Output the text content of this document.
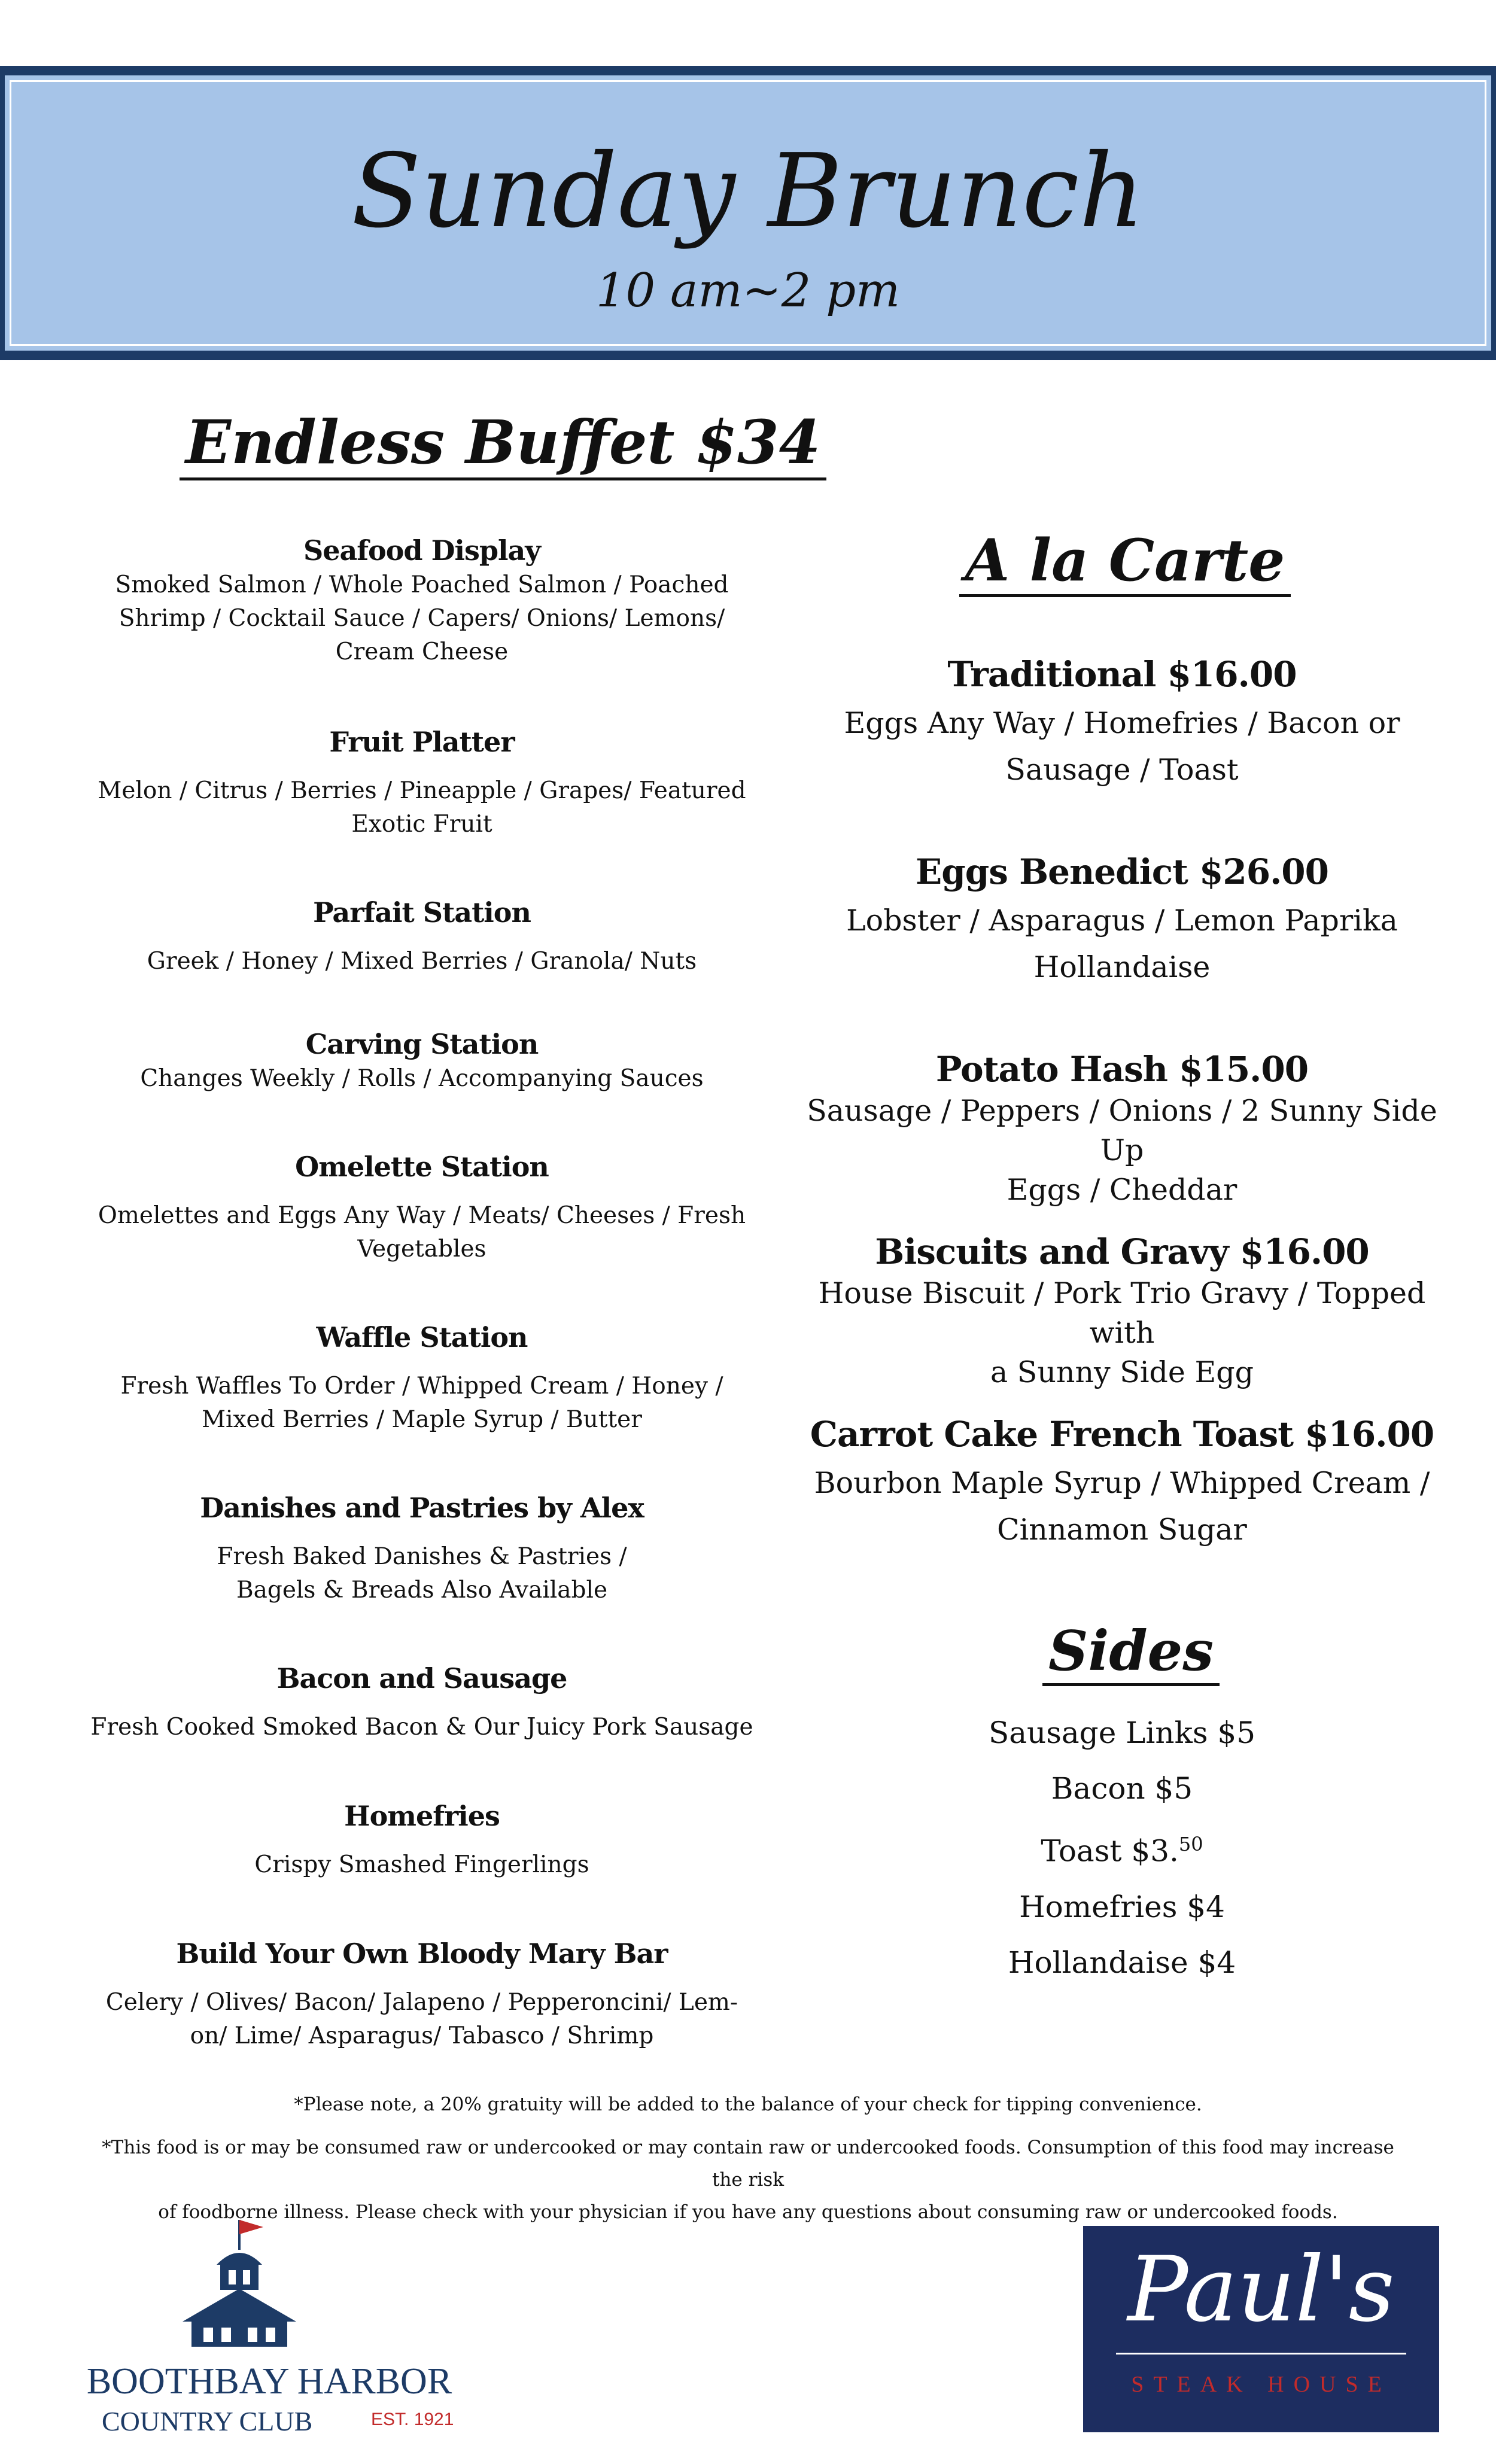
Sunday Brunch
10 am~2 pm
Endless Buffet $34
Seafood Display
Smoked Salmon / Whole Poached Salmon / Poached
Shrimp / Cocktail Sauce / Capers/ Onions/ Lemons/
Cream Cheese
Fruit Platter
Melon / Citrus / Berries / Pineapple / Grapes/ Featured
Exotic Fruit
Parfait Station
Greek / Honey / Mixed Berries / Granola/ Nuts
Carving Station
Changes Weekly / Rolls / Accompanying Sauces
Omelette Station
Omelettes and Eggs Any Way / Meats/ Cheeses / Fresh
Vegetables
Waffle Station
Fresh Waffles To Order / Whipped Cream / Honey /
Mixed Berries / Maple Syrup / Butter
Danishes and Pastries by Alex
Fresh Baked Danishes & Pastries /
Bagels & Breads Also Available
Bacon and Sausage
Fresh Cooked Smoked Bacon & Our Juicy Pork Sausage
Homefries
Crispy Smashed Fingerlings
Build Your Own Bloody Mary Bar
Celery / Olives/ Bacon/ Jalapeno / Pepperoncini/ Lem-
on/ Lime/ Asparagus/ Tabasco / Shrimp
A la Carte
Traditional $16.00
Eggs Any Way / Homefries / Bacon or
Sausage / Toast
Eggs Benedict $26.00
Lobster / Asparagus / Lemon Paprika
Hollandaise
Potato Hash $15.00
Sausage / Peppers / Onions / 2 Sunny Side Up
Eggs / Cheddar
Biscuits and Gravy $16.00
House Biscuit / Pork Trio Gravy / Topped with
a Sunny Side Egg
Carrot Cake French Toast $16.00
Bourbon Maple Syrup / Whipped Cream /
Cinnamon Sugar
Sides
Sausage Links $5
Bacon $5
Toast $3.50
Homefries $4
Hollandaise $4
*Please note, a 20% gratuity will be added to the balance of your check for tipping convenience.
*This food is or may be consumed raw or undercooked or may contain raw or undercooked foods. Consumption of this food may increase the risk
of foodborne illness. Please check with your physician if you have any questions about consuming raw or undercooked foods.
BOOTHBAY HARBOR
COUNTRY CLUB	EST. 1921
Paul's
STEAK HOUSE
